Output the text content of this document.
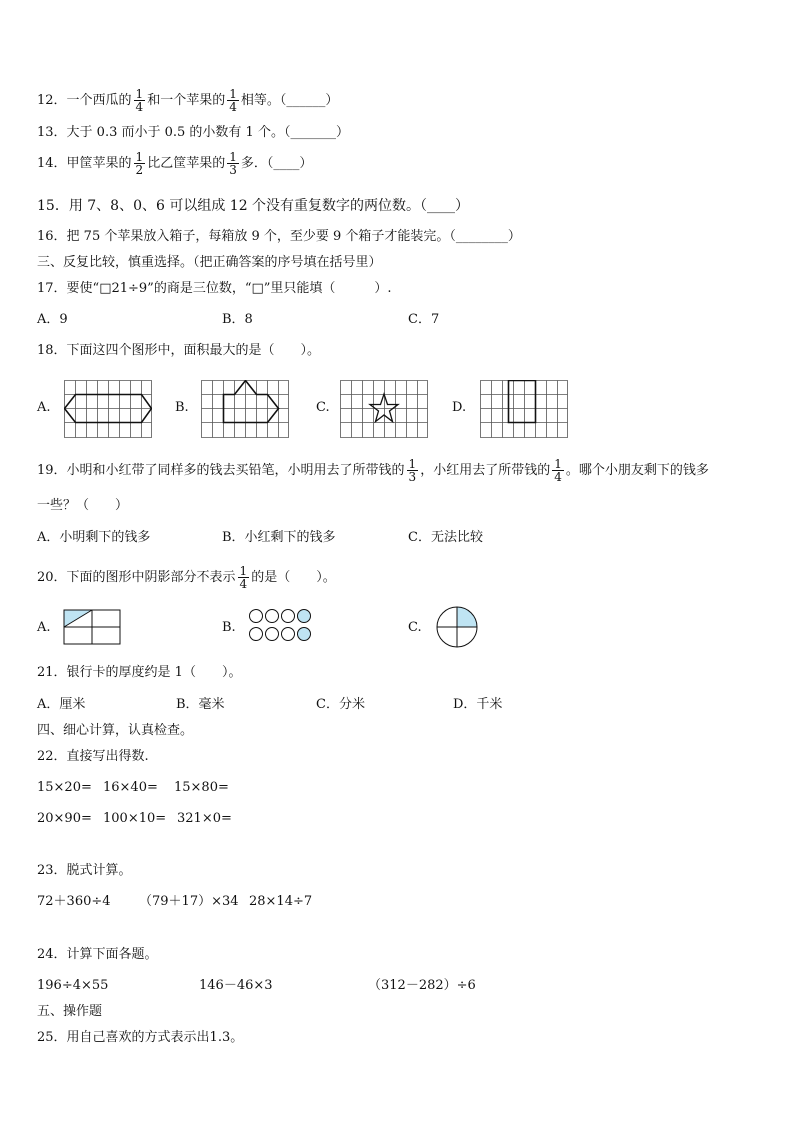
12．一个西瓜的 $\frac{1}{4}$ 和一个苹果的 $\frac{1}{4}$ 相等。（______）
13．大于 0.3 而小于 0.5 的小数有 1 个。（_______）
14．甲筐苹果的 $\frac{1}{2}$ 比乙筐苹果的 $\frac{1}{3}$ 多．（____）
15．用 7、8、0、6 可以组成 12 个没有重复数字的两位数。（____）
16．把 75 个苹果放入箱子，每箱放 9 个，至少要 9 个箱子才能装完。（________）
三、反复比较，慎重选择。（把正确答案的序号填在括号里）
17．要使“□21÷9”的商是三位数，“□”里只能填（　　　）.
A．9	B．8	C．7
18．下面这四个图形中，面积最大的是（　　）。
A.	B.	C.	D.
19．小明和小红带了同样多的钱去买铅笔，小明用去了所带钱的 $\frac{1}{3}$ ，小红用去了所带钱的 $\frac{1}{4}$ 。哪个小朋友剩下的钱多
一些？（　　）
A．小明剩下的钱多	B．小红剩下的钱多	C．无法比较
20．下面的图形中阴影部分不表示 $\frac{1}{4}$ 的是（　　）。
A.	B.	C.
21．银行卡的厚度约是 1（　　）。
A．厘米	B．毫米	C．分米	D．千米
四、细心计算，认真检查。
22．直接写出得数.
15×20= 16×40= 15×80=
20×90= 100×10= 321×0=
23．脱式计算。
72＋360÷4 （79＋17）×34 28×14÷7
24．计算下面各题。
196÷4×55	146－46×3	（312－282）÷6
五、操作题
25．用自己喜欢的方式表示出1.3。
